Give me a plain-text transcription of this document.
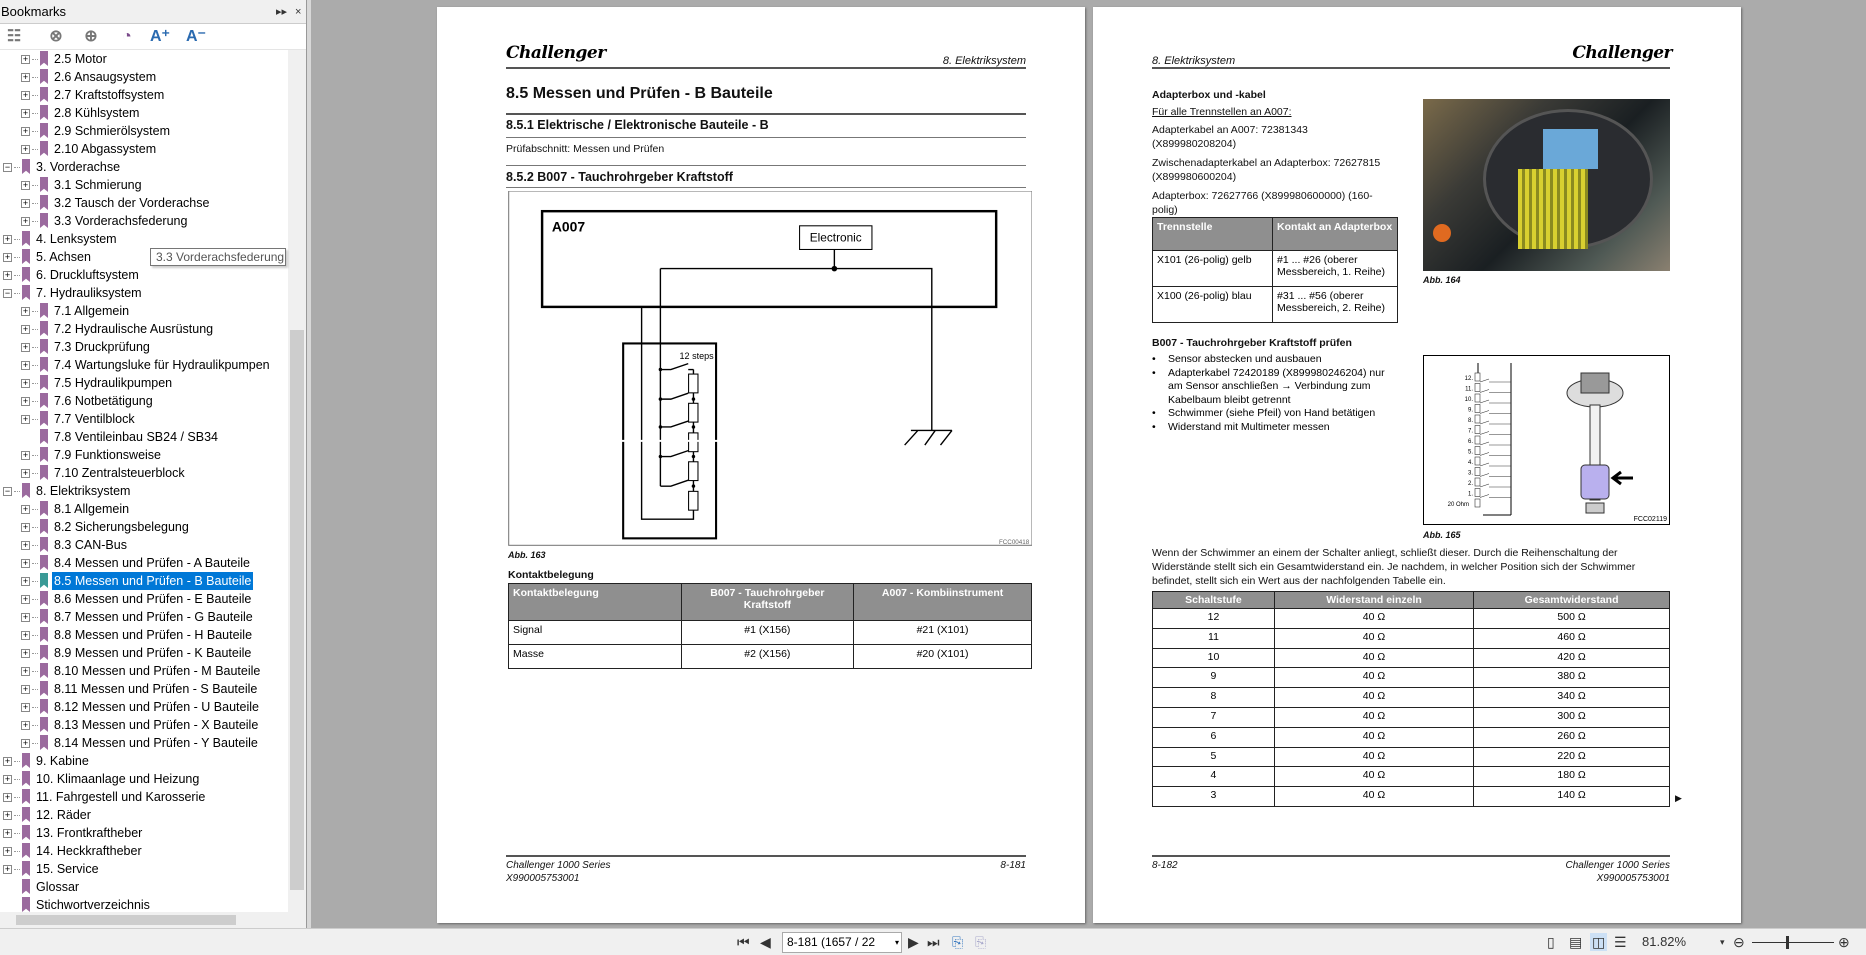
Bookmarks	▸▸ ×
☷ ⊗ ⊕	◔	A⁺ A⁻
+ 2.5 Motor
+ 2.6 Ansaugsystem
+ 2.7 Kraftstoffsystem
+ 2.8 Kühlsystem
+ 2.9 Schmierölsystem
+ 2.10 Abgassystem
− 3. Vorderachse
+ 3.1 Schmierung
+ 3.2 Tausch der Vorderachse
+ 3.3 Vorderachsfederung
+ 4. Lenksystem
+ 5. Achsen
+ 6. Druckluftsystem
− 7. Hydrauliksystem
+ 7.1 Allgemein
+ 7.2 Hydraulische Ausrüstung
+ 7.3 Druckprüfung
+ 7.4 Wartungsluke für Hydraulikpumpen
+ 7.5 Hydraulikpumpen
+ 7.6 Notbetätigung
+ 7.7 Ventilblock
7.8 Ventileinbau SB24 / SB34
+ 7.9 Funktionsweise
+ 7.10 Zentralsteuerblock
− 8. Elektriksystem
+ 8.1 Allgemein
+ 8.2 Sicherungsbelegung
+ 8.3 CAN-Bus
+ 8.4 Messen und Prüfen - A Bauteile
+ 8.5 Messen und Prüfen - B Bauteile
+ 8.6 Messen und Prüfen - E Bauteile
+ 8.7 Messen und Prüfen - G Bauteile
+ 8.8 Messen und Prüfen - H Bauteile
+ 8.9 Messen und Prüfen - K Bauteile
+ 8.10 Messen und Prüfen - M Bauteile
+ 8.11 Messen und Prüfen - S Bauteile
+ 8.12 Messen und Prüfen - U Bauteile
+ 8.13 Messen und Prüfen - X Bauteile
+ 8.14 Messen und Prüfen - Y Bauteile
+ 9. Kabine
+ 10. Klimaanlage und Heizung
+ 11. Fahrgestell und Karosserie
+ 12. Räder
+ 13. Frontkraftheber
+ 14. Heckkraftheber
+ 15. Service
Glossar
Stichwortverzeichnis
3.3 Vorderachsfederung
Challenger	8. Elektriksystem
8.5 Messen und Prüfen - B Bauteile
8.5.1 Elektrische / Elektronische Bauteile - B
Prüfabschnitt: Messen und Prüfen
8.5.2 B007 - Tauchrohrgeber Kraftstoff
A007
Electronic
12 steps
FCC00418
Abb. 163
Kontaktbelegung
Kontaktbelegung	B007 - Tauchrohrgeber Kraftstoff	A007 - Kombiinstrument
Signal	#1 (X156)	#21 (X101)
Masse	#2 (X156)	#20 (X101)
Challenger 1000 Series
X990005753001
8-181
8. Elektriksystem	Challenger
Adapterbox und -kabel
Für alle Trennstellen an A007:
Adapterkabel an A007: 72381343
(X899980208204)
Zwischenadapterkabel an Adapterbox: 72627815
(X899980600204)
Adapterbox: 72627766 (X899980600000) (160-
polig)
Trennstelle	Kontakt an Adapterbox
X101 (26-polig) gelb	#1 ... #26 (oberer Messbereich, 1. Reihe)
X100 (26-polig) blau	#31 ... #56 (oberer Messbereich, 2. Reihe)
Abb. 164
B007 - Tauchrohrgeber Kraftstoff prüfen
• Sensor abstecken und ausbauen
• Adapterkabel 72420189 (X899980246204) nur am Sensor anschließen → Verbindung zum Kabelbaum bleibt getrennt
• Schwimmer (siehe Pfeil) von Hand betätigen
• Widerstand mit Multimeter messen
12.
11.
10.
9.
8.
7.
6.
5.
4.
3.
2.
1.
20 Ohm
FCC02119
Abb. 165
Wenn der Schwimmer an einem der Schalter anliegt, schließt dieser. Durch die Reihenschaltung der Widerstände stellt sich ein Gesamtwiderstand ein. Je nachdem, in welcher Position sich der Schwimmer befindet, stellt sich ein Wert aus der nachfolgenden Tabelle ein.
Schaltstufe	Widerstand einzeln	Gesamtwiderstand
12	40 Ω	500 Ω
11	40 Ω	460 Ω
10	40 Ω	420 Ω
9	40 Ω	380 Ω
8	40 Ω	340 Ω
7	40 Ω	300 Ω
6	40 Ω	260 Ω
5	40 Ω	220 Ω
4	40 Ω	180 Ω
3	40 Ω	140 Ω	▶
8-182	Challenger 1000 Series
X990005753001
⏮ ◀	8-181 (1657 / 22 ▾ ▶ ⏭ ⎘ ⎘	▯ ▤ ◫ ☰ 81.82%	▾ ⊖	⊕
